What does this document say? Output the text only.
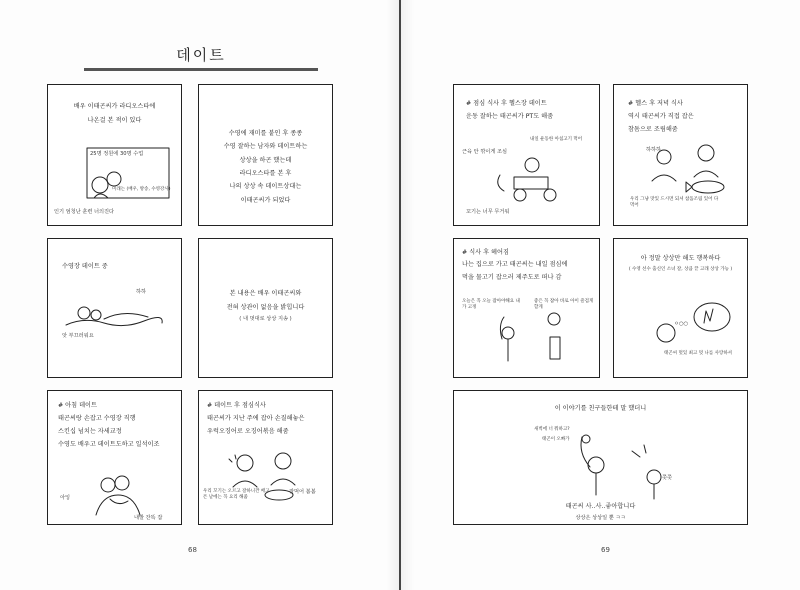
데이트
배우 이태곤씨가 라디오스타에
나온걸 본 적이 있다
25명 정원에 30명 수업
미래는 (배우, 방송, 수영강사)
인기 엄청난 훈련 너의진다
수영에 재미를 붙인 후 종종
수영 잘하는 남자와 데이트하는
상상을 하곤 했는데
라디오스타를 본 후
나의 상상 속 데이트상대는
이태곤씨가 되었다
수영장 데이트 중
하하
앗 부끄러워요
본 내용은 배우 이태곤씨와
전혀 상관이 없음을 밝힙니다
( 내 멋대로 상상 지송 )
# 아침 데이트
태곤씨랑 손잡고 수영장 직행
스킨십 넘치는 자세교정
수영도 배우고 데이트도하고 일석이조
아잉
내발 잔뜩 잡
# 데이트 후 점심식사
태곤씨가 지난 주에 잡아 손질해놓은
우럭오징어로 오징어볶음 해줌
우리 꼬기는 오르고 잘하니깐 배고픈 날에는 꼭 요리 해줌
잘먹어 봄봄
68
# 점심 식사 후 헬스장 데이트
운동 잘하는 태곤씨가 PT도 해줌
근육 안 깎이게 조심
내일 운동한 아침고기 먹어
꼬기는 너무 무거워
# 헬스 후 저녁 식사
역시 태곤씨가 직접 잡은
참돔으로 조림해줌
하하하
우리 그냥 맛있 드시면 되셔 참돔조림 있어 다 먹어
# 식사 후 헤어짐
나는 집으로 가고 태곤씨는 내일 점심에
먹을 물고기 잡으러 제주도로 떠나 감
오늘은 꼭 오늘 잡아야해요 내가 고정
좋은 꼭 잡아 바로 아이 즐겁게 할게
아 정말 상상만 해도 행복하다
( 수영 선수 출신인 소녀 잘, 상큼 끝 고래 상상 가능 )
ㅇ○○
태곤씨 멋있 최고 멋 나를 사랑하셔
이 이야기를 친구들한테 말 했더니
새벽에 너 뭐하고?
태곤이 오빠가
쯧쯧
태곤씨 사..사..좋아합니다
상상은 상상일 뿐 ㅋㅋ
69
